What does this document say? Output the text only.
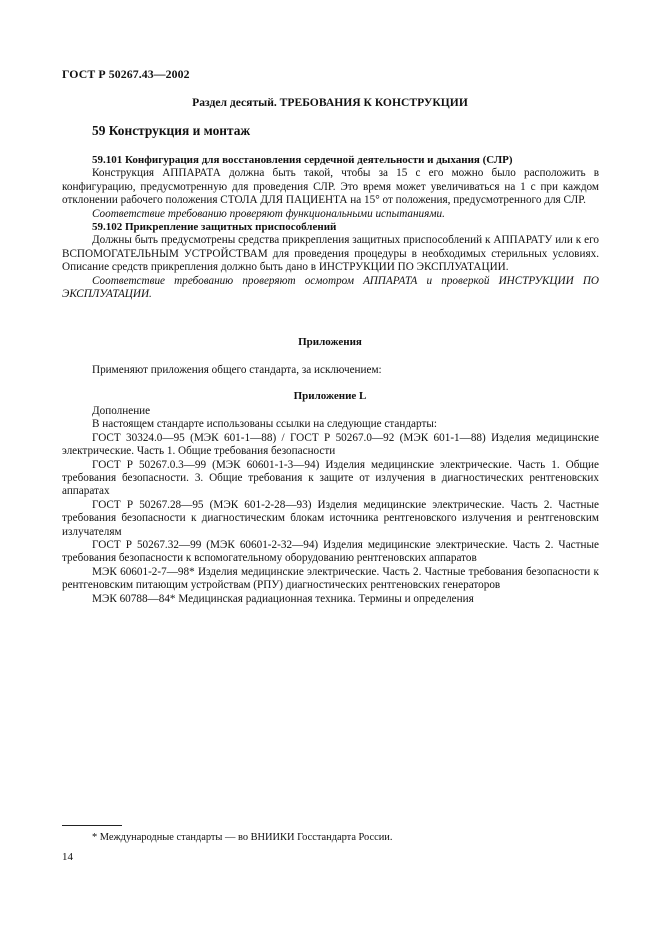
ГОСТ Р 50267.43—2002
Раздел десятый. ТРЕБОВАНИЯ К КОНСТРУКЦИИ
59 Конструкция и монтаж

59.101 Конфигурация для восстановления сердечной деятельности и дыхания (СЛР)

Конструкция АППАРАТА должна быть такой, чтобы за 15 с его можно было расположить в конфигурацию, предусмотренную для проведения СЛР. Это время может увеличиваться на 1 с при каждом отклонении рабочего положения СТОЛА ДЛЯ ПАЦИЕНТА на 15° от положения, предусмотренного для СЛР.

Соответствие требованию проверяют функциональными испытаниями.

59.102 Прикрепление защитных приспособлений

Должны быть предусмотрены средства прикрепления защитных приспособлений к АППАРАТУ или к его ВСПОМОГАТЕЛЬНЫМ УСТРОЙСТВАМ для проведения процедуры в необходимых стерильных условиях. Описание средств прикрепления должно быть дано в ИНСТРУКЦИИ ПО ЭКСПЛУАТАЦИИ.

Соответствие требованию проверяют осмотром АППАРАТА и проверкой ИНСТРУКЦИИ ПО ЭКСПЛУАТАЦИИ.

Приложения

Применяют приложения общего стандарта, за исключением:

Приложение L

Дополнение

В настоящем стандарте использованы ссылки на следующие стандарты:

ГОСТ 30324.0—95 (МЭК 601-1—88) / ГОСТ Р 50267.0—92 (МЭК 601-1—88) Изделия медицинские электрические. Часть 1. Общие требования безопасности

ГОСТ Р 50267.0.3—99 (МЭК 60601-1-3—94) Изделия медицинские электрические. Часть 1. Общие требования безопасности. 3. Общие требования к защите от излучения в диагностических рентгеновских аппаратах

ГОСТ Р 50267.28—95 (МЭК 601-2-28—93) Изделия медицинские электрические. Часть 2. Частные требования безопасности к диагностическим блокам источника рентгеновского излучения и рентгеновским излучателям

ГОСТ Р 50267.32—99 (МЭК 60601-2-32—94) Изделия медицинские электрические. Часть 2. Частные требования безопасности к вспомогательному оборудованию рентгеновских аппаратов

МЭК 60601-2-7—98* Изделия медицинские электрические. Часть 2. Частные требования безопасности к рентгеновским питающим устройствам (РПУ) диагностических рентгеновских генераторов

МЭК 60788—84* Медицинская радиационная техника. Термины и определения

* Международные стандарты — во ВНИИКИ Госстандарта России.
14
